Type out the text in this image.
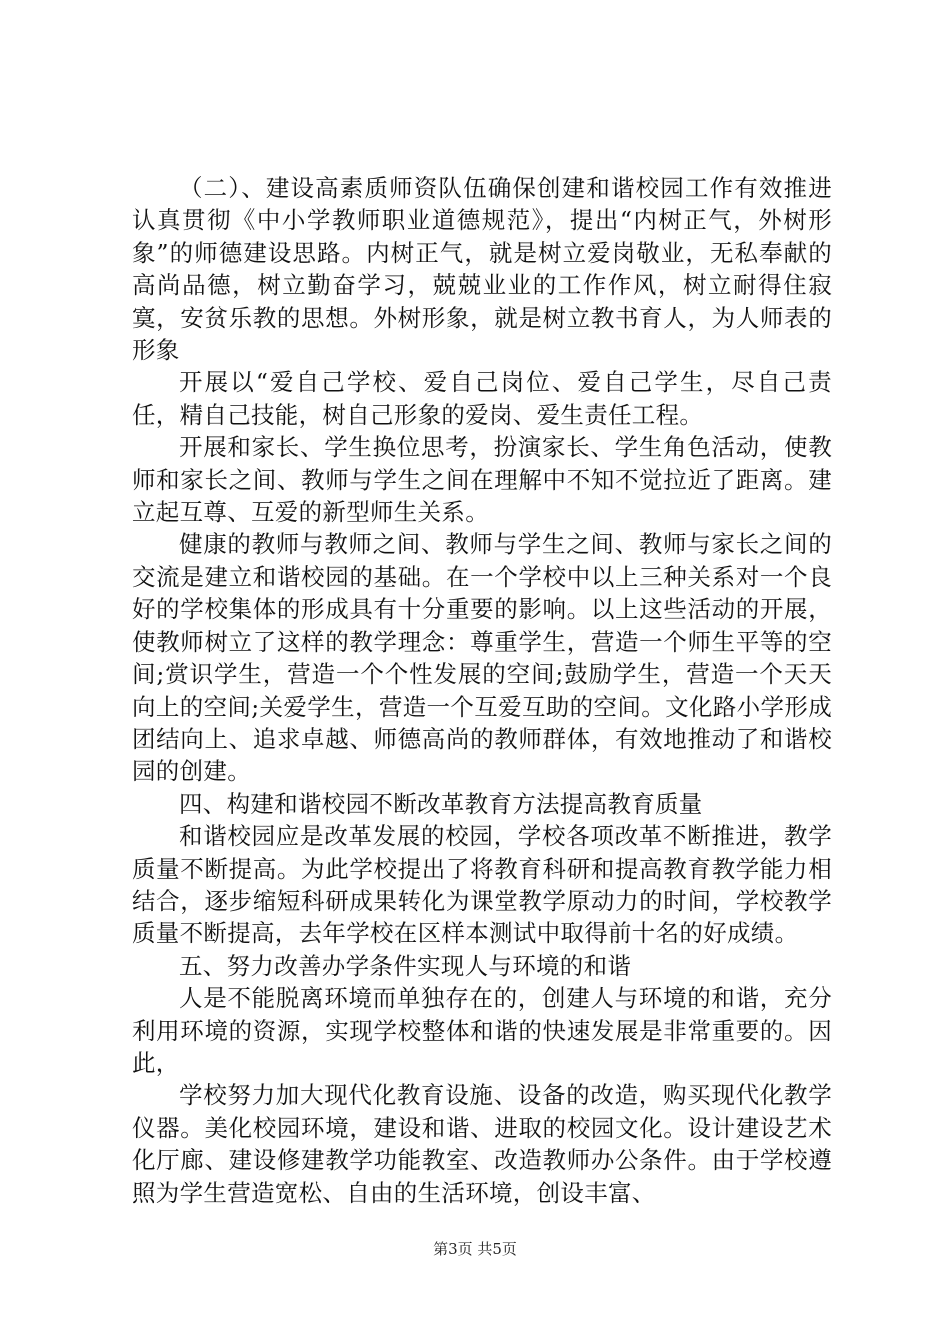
（二）、建设高素质师资队伍确保创建和谐校园工作有效推进认真贯彻《中小学教师职业道德规范》，提出“内树正气，外树形象”的师德建设思路。内树正气，就是树立爱岗敬业，无私奉献的高尚品德，树立勤奋学习，兢兢业业的工作作风，树立耐得住寂寞，安贫乐教的思想。外树形象，就是树立教书育人，为人师表的形象

开展以“爱自己学校、爱自己岗位、爱自己学生，尽自己责任，精自己技能，树自己形象的爱岗、爱生责任工程。

开展和家长、学生换位思考，扮演家长、学生角色活动，使教师和家长之间、教师与学生之间在理解中不知不觉拉近了距离。建立起互尊、互爱的新型师生关系。

健康的教师与教师之间、教师与学生之间、教师与家长之间的交流是建立和谐校园的基础。在一个学校中以上三种关系对一个良好的学校集体的形成具有十分重要的影响。以上这些活动的开展，使教师树立了这样的教学理念：尊重学生，营造一个师生平等的空间;赏识学生，营造一个个性发展的空间;鼓励学生，营造一个天天向上的空间;关爱学生，营造一个互爱互助的空间。文化路小学形成团结向上、追求卓越、师德高尚的教师群体，有效地推动了和谐校园的创建。

四、构建和谐校园不断改革教育方法提高教育质量

和谐校园应是改革发展的校园，学校各项改革不断推进，教学质量不断提高。为此学校提出了将教育科研和提高教育教学能力相结合，逐步缩短科研成果转化为课堂教学原动力的时间，学校教学质量不断提高，去年学校在区样本测试中取得前十名的好成绩。

五、努力改善办学条件实现人与环境的和谐

人是不能脱离环境而单独存在的，创建人与环境的和谐，充分利用环境的资源，实现学校整体和谐的快速发展是非常重要的。因此，

学校努力加大现代化教育设施、设备的改造，购买现代化教学仪器。美化校园环境，建设和谐、进取的校园文化。设计建设艺术化厅廊、建设修建教学功能教室、改造教师办公条件。由于学校遵照为学生营造宽松、自由的生活环境，创设丰富、

第3页 共5页
